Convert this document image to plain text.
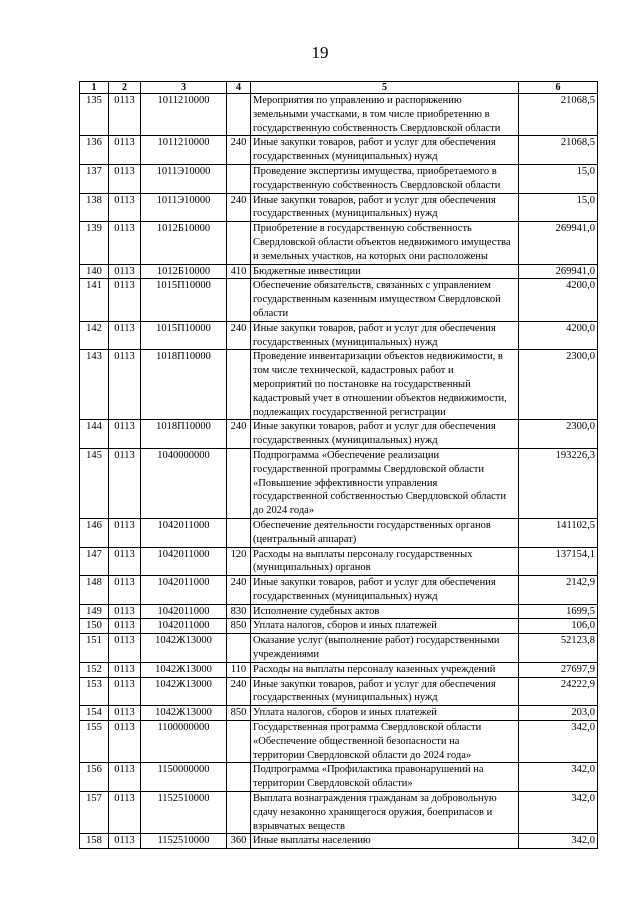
19
1	2	3	4	5	6
135	0113	1011210000		Мероприятия по управлению и распоряжению
земельными участками, в том числе приобретенню в
государственную собственность Свердловской области	21068,5
136	0113	1011210000	240	Иные закупки товаров, работ и услуг для обеспечения
государственных (муниципальных) нужд	21068,5
137	0113	1011Э10000		Проведение экспертизы имущества, приобретаемого в
государственную собственность Свердловской области	15,0
138	0113	1011Э10000	240	Иные закупки товаров, работ и услуг для обеспечения
государственных (муниципальных) нужд	15,0
139	0113	1012Б10000		Приобретение в государственную собственность
Свердловской области объектов недвижимого имущества
и земельных участков, на которых они расположены	269941,0
140	0113	1012Б10000	410	Бюджетные инвестиции	269941,0
141	0113	1015П10000		Обеспечение обязательств, связанных с управлением
государственным казенным имуществом Свердловской
области	4200,0
142	0113	1015П10000	240	Иные закупки товаров, работ и услуг для обеспечения
государственных (муниципальных) нужд	4200,0
143	0113	1018П10000		Проведение инвентаризации объектов недвижимости, в
том числе технической, кадастровых работ и
мероприятий по постановке на государственный
кадастровый учет в отношении объектов недвижимости,
подлежащих государственной регистрации	2300,0
144	0113	1018П10000	240	Иные закупки товаров, работ и услуг для обеспечения
государственных (муниципальных) нужд	2300,0
145	0113	1040000000		Подпрограмма «Обеспечение реализации
государственной программы Свердловской области
«Повышение эффективности управления
государственной собственностью Свердловской области
до 2024 года»	193226,3
146	0113	1042011000		Обеспечение деятельности государственных органов
(центральный аппарат)	141102,5
147	0113	1042011000	120	Расходы на выплаты персоналу государственных
(муниципальных) органов	137154,1
148	0113	1042011000	240	Иные закупки товаров, работ и услуг для обеспечения
государственных (муниципальных) нужд	2142,9
149	0113	1042011000	830	Исполнение судебных актов	1699,5
150	0113	1042011000	850	Уплата налогов, сборов и иных платежей	106,0
151	0113	1042Ж13000		Оказание услуг (выполнение работ) государственными
учреждениями	52123,8
152	0113	1042Ж13000	110	Расходы на выплаты персоналу казенных учреждений	27697,9
153	0113	1042Ж13000	240	Иные закупки товаров, работ и услуг для обеспечения
государственных (муниципальных) нужд	24222,9
154	0113	1042Ж13000	850	Уплата налогов, сборов и иных платежей	203,0
155	0113	1100000000		Государственная программа Свердловской области
«Обеспечение общественной безопасности на
территории Свердловской области до 2024 года»	342,0
156	0113	1150000000		Подпрограмма «Профилактика правонарушений на
территории Свердловской области»	342,0
157	0113	1152510000		Выплата вознаграждения гражданам за добровольную
сдачу незаконно хранящегося оружия, боеприпасов и
взрывчатых веществ	342,0
158	0113	1152510000	360	Иные выплаты населению	342,0
